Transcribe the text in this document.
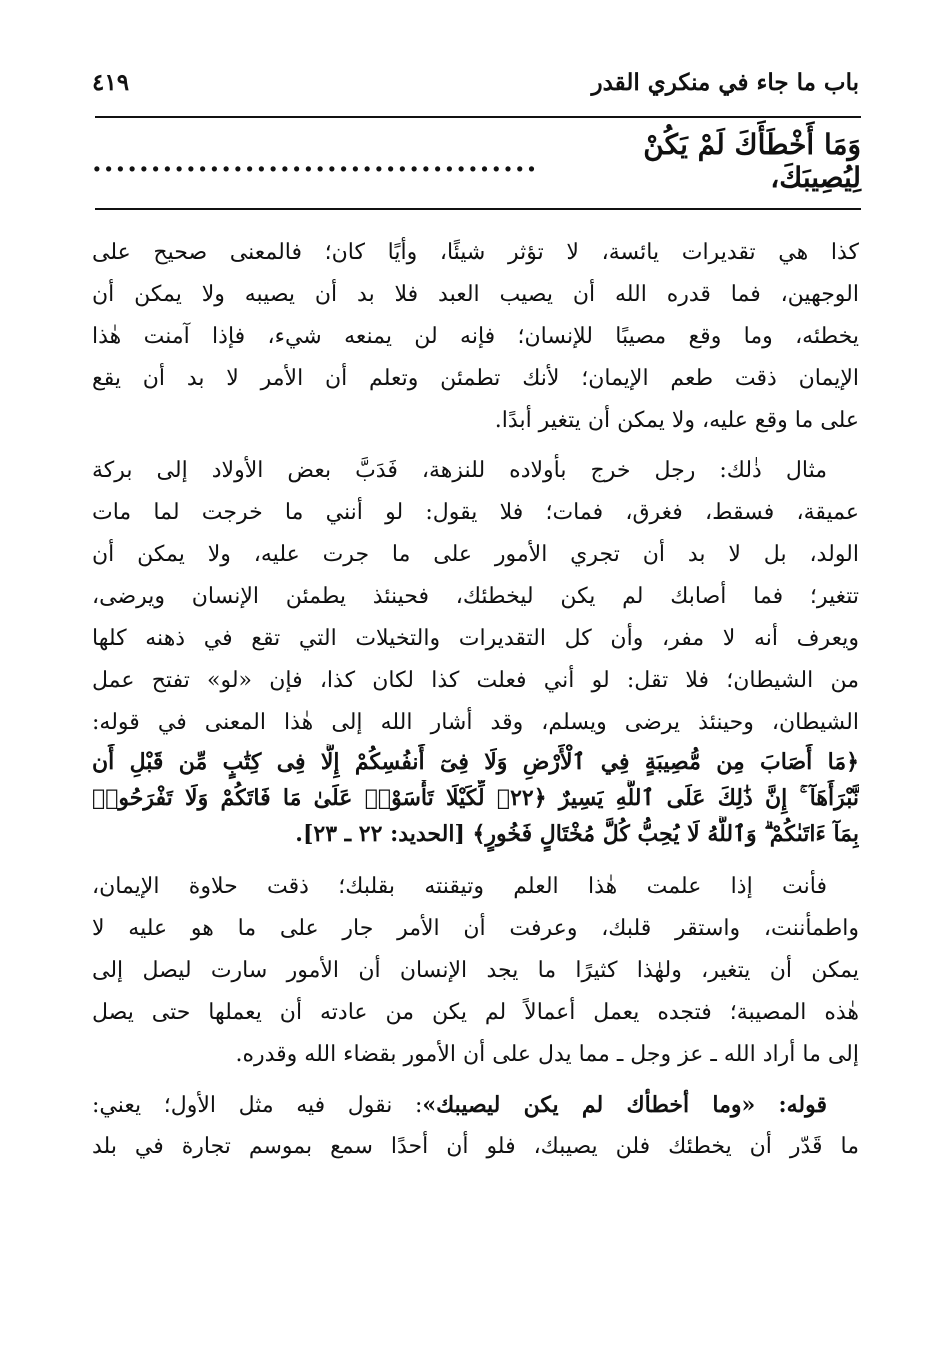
باب ما جاء في منكري القدر
٤١٩
وَمَا أَخْطَأَكَ لَمْ يَكُنْ لِيُصِيبَكَ،
......................................
كذا هي تقديرات يائسة، لا تؤثر شيئًا، وأيًا كان؛ فالمعنى صحيح على
الوجهين، فما قدره الله أن يصيب العبد فلا بد أن يصيبه ولا يمكن أن
يخطئه، وما وقع مصيبًا للإنسان؛ فإنه لن يمنعه شيء، فإذا آمنت هٰذا
الإيمان ذقت طعم الإيمان؛ لأنك تطمئن وتعلم أن الأمر لا بد أن يقع
على ما وقع عليه، ولا يمكن أن يتغير أبدًا.
مثال ذٰلك: رجل خرج بأولاده للنزهة، فَدَبَّ بعض الأولاد إلى بركة
عميقة، فسقط، فغرق، فمات؛ فلا يقول: لو أنني ما خرجت لما مات
الولد، بل لا بد أن تجري الأمور على ما جرت عليه، ولا يمكن أن
تتغير؛ فما أصابك لم يكن ليخطئك، فحينئذ يطمئن الإنسان ويرضى،
ويعرف أنه لا مفر، وأن كل التقديرات والتخيلات التي تقع في ذهنه كلها
من الشيطان؛ فلا تقل: لو أني فعلت كذا لكان كذا، فإن «لو» تفتح عمل
الشيطان، وحينئذ يرضى ويسلم، وقد أشار الله إلى هٰذا المعنى في قوله:
﴿مَا أَصَابَ مِن مُّصِيبَةٍ فِي ٱلْأَرْضِ وَلَا فِىٓ أَنفُسِكُمْ إِلَّا فِى كِتَٰبٍ مِّن قَبْلِ أَن
نَّبْرَأَهَآ ۚ إِنَّ ذَٰلِكَ عَلَى ٱللَّهِ يَسِيرٌ ﴿٢٢﴾ لِّكَيْلَا تَأْسَوْا۟ عَلَىٰ مَا فَاتَكُمْ وَلَا تَفْرَحُوا۟
بِمَآ ءَاتَىٰكُمْ ۗ وَٱللَّهُ لَا يُحِبُّ كُلَّ مُخْتَالٍ فَخُورٍ﴾ [الحديد: ٢٢ ـ ٢٣].
فأنت إذا علمت هٰذا العلم وتيقنته بقلبك؛ ذقت حلاوة الإيمان،
واطمأننت، واستقر قلبك، وعرفت أن الأمر جار على ما هو عليه لا
يمكن أن يتغير، ولهٰذا كثيرًا ما يجد الإنسان أن الأمور سارت ليصل إلى
هٰذه المصيبة؛ فتجده يعمل أعمالاً لم يكن من عادته أن يعملها حتى يصل
إلى ما أراد الله ـ عز وجل ـ مما يدل على أن الأمور بقضاء الله وقدره.
قوله: «وما أخطأك لم يكن ليصيبك»: نقول فيه مثل الأول؛ يعني:
ما قَدّر أن يخطئك فلن يصيبك، فلو أن أحدًا سمع بموسم تجارة في بلد
